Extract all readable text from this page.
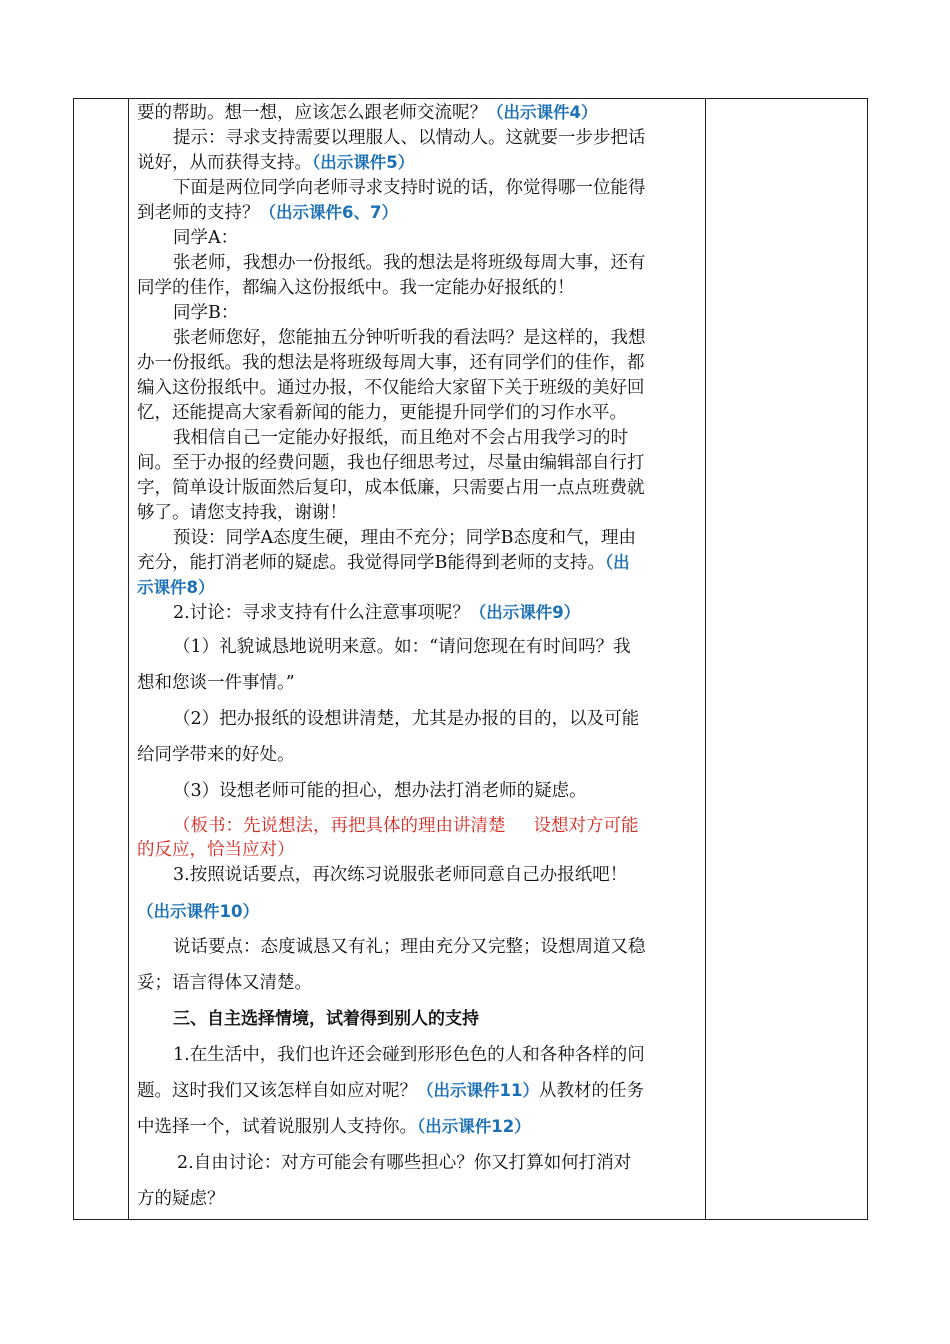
要的帮助。想一想，应该怎么跟老师交流呢？（出示课件4）
提示：寻求支持需要以理服人、以情动人。这就要一步步把话
说好，从而获得支持。（出示课件5）
下面是两位同学向老师寻求支持时说的话，你觉得哪一位能得
到老师的支持？（出示课件6、7）
同学A：
张老师，我想办一份报纸。我的想法是将班级每周大事，还有
同学的佳作，都编入这份报纸中。我一定能办好报纸的！
同学B：
张老师您好，您能抽五分钟听听我的看法吗？是这样的，我想
办一份报纸。我的想法是将班级每周大事，还有同学们的佳作，都
编入这份报纸中。通过办报，不仅能给大家留下关于班级的美好回
忆，还能提高大家看新闻的能力，更能提升同学们的习作水平。
我相信自己一定能办好报纸，而且绝对不会占用我学习的时
间。至于办报的经费问题，我也仔细思考过，尽量由编辑部自行打
字，简单设计版面然后复印，成本低廉，只需要占用一点点班费就
够了。请您支持我，谢谢！
预设：同学A态度生硬，理由不充分；同学B态度和气，理由
充分，能打消老师的疑虑。我觉得同学B能得到老师的支持。（出
示课件8）
2.讨论：寻求支持有什么注意事项呢？（出示课件9）
（1）礼貌诚恳地说明来意。如：“请问您现在有时间吗？我
想和您谈一件事情。”
（2）把办报纸的设想讲清楚，尤其是办报的目的，以及可能
给同学带来的好处。
（3）设想老师可能的担心，想办法打消老师的疑虑。
（板书：先说想法，再把具体的理由讲清楚 设想对方可能
的反应，恰当应对）
3.按照说话要点，再次练习说服张老师同意自己办报纸吧！
（出示课件10）
说话要点：态度诚恳又有礼；理由充分又完整；设想周道又稳
妥；语言得体又清楚。
三、自主选择情境，试着得到别人的支持
1.在生活中，我们也许还会碰到形形色色的人和各种各样的问
题。这时我们又该怎样自如应对呢？（出示课件11）从教材的任务
中选择一个，试着说服别人支持你。（出示课件12）
2.自由讨论：对方可能会有哪些担心？你又打算如何打消对
方的疑虑？
